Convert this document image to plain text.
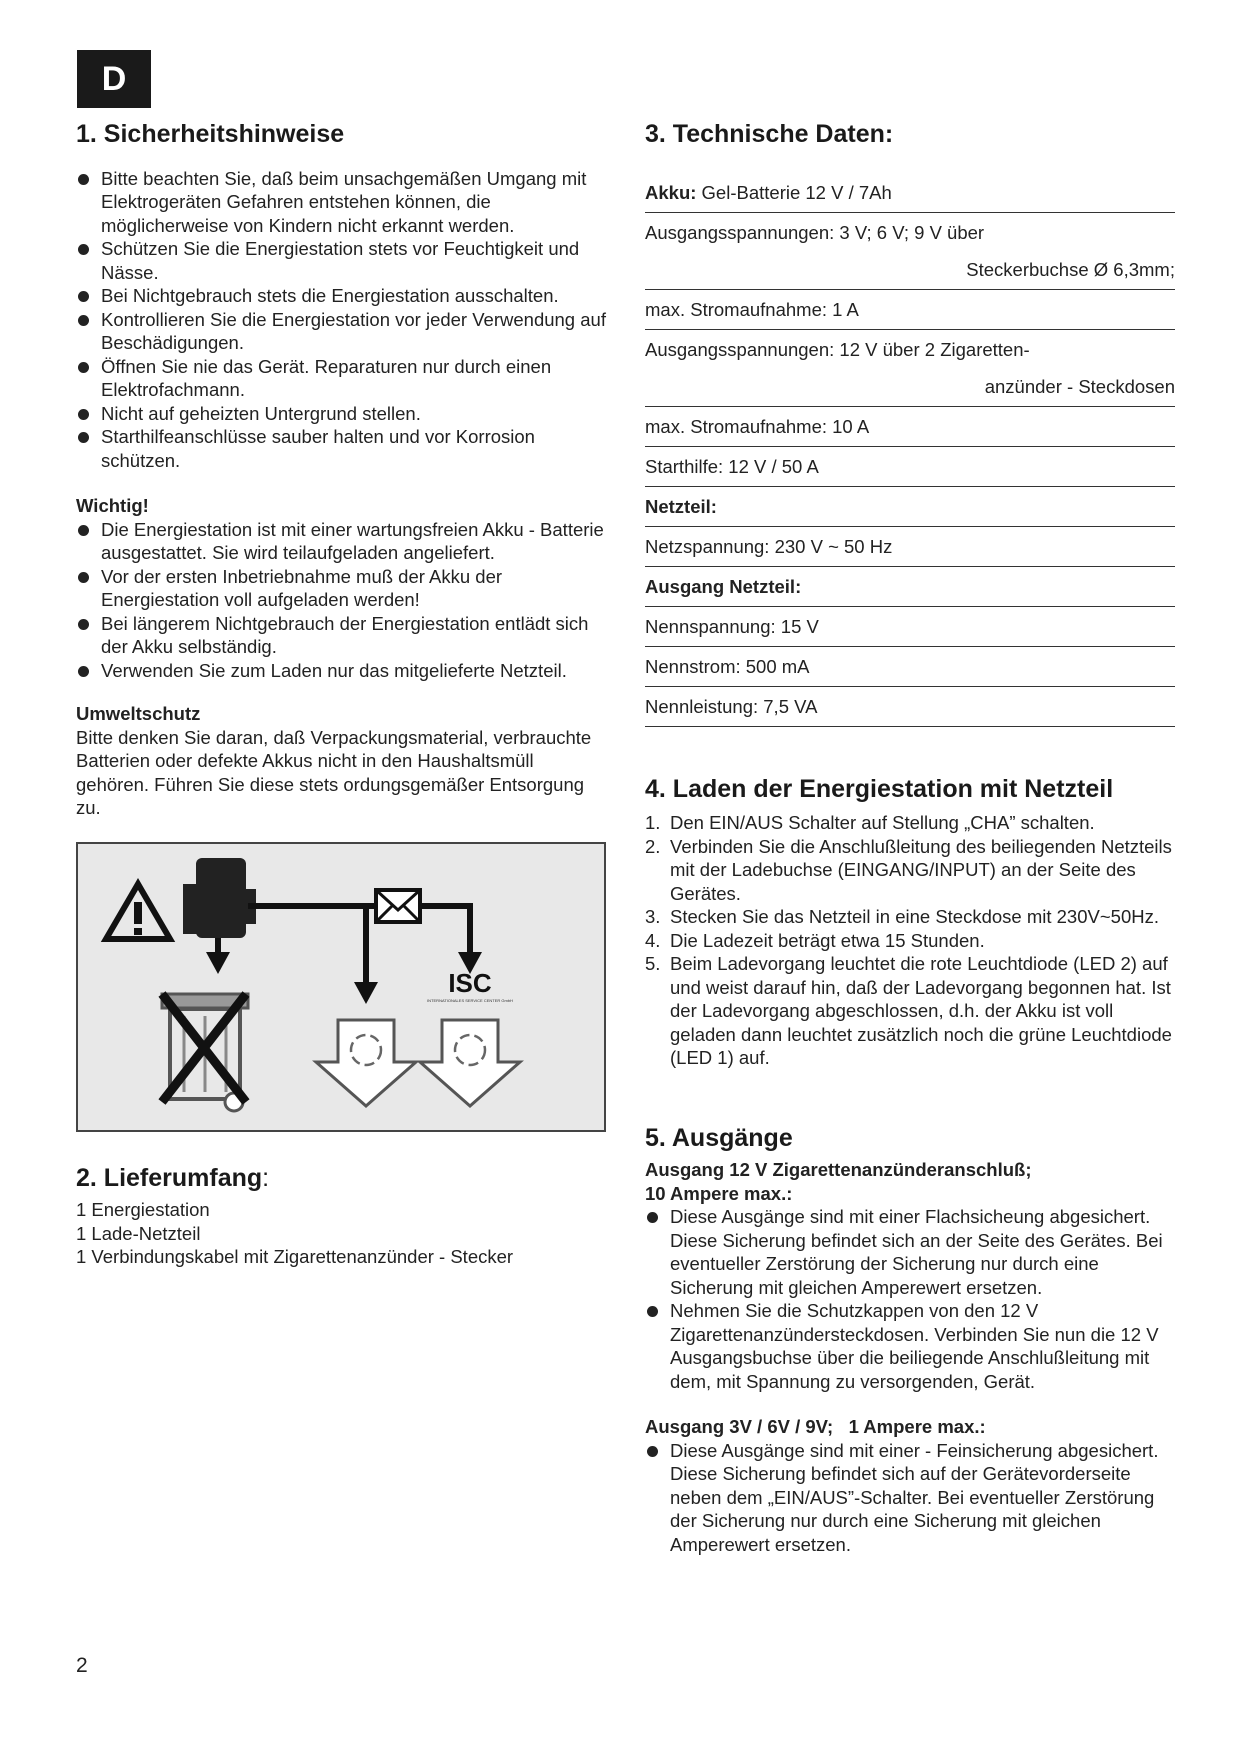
D
1. Sicherheitshinweise
Bitte beachten Sie, daß beim unsachgemäßen Umgang mit Elektrogeräten Gefahren entstehen können, die möglicherweise von Kindern nicht erkannt werden.
Schützen Sie die Energiestation stets vor Feuchtigkeit und Nässe.
Bei Nichtgebrauch stets die Energiestation ausschalten.
Kontrollieren Sie die Energiestation vor jeder Verwendung auf Beschädigungen.
Öffnen Sie nie das Gerät. Reparaturen nur durch einen Elektrofachmann.
Nicht auf geheizten Untergrund stellen.
Starthilfeanschlüsse sauber halten und vor Korrosion schützen.
Wichtig!
Die Energiestation ist mit einer wartungsfreien Akku - Batterie ausgestattet. Sie wird teilaufgeladen angeliefert.
Vor der ersten Inbetriebnahme muß der Akku der Energiestation voll aufgeladen werden!
Bei längerem Nichtgebrauch der Energiestation entlädt sich der Akku selbständig.
Verwenden Sie zum Laden nur das mitgelieferte Netzteil.
Umweltschutz
Bitte denken Sie daran, daß Verpackungsmaterial, verbrauchte Batterien oder defekte Akkus nicht in den Haushaltsmüll gehören. Führen Sie diese stets ordungsgemäßer Entsorgung zu.
ISC
INTERNATIONALES SERVICE CENTER GmbH
2. Lieferumfang:
1 Energiestation
1 Lade-Netzteil
1 Verbindungskabel mit Zigarettenanzünder - Stecker
3. Technische Daten:
Akku: Gel-Batterie 12 V / 7Ah
Ausgangsspannungen: 3 V; 6 V; 9 V über
Steckerbuchse Ø 6,3mm;
max. Stromaufnahme: 1 A
Ausgangsspannungen: 12 V über 2 Zigaretten-
anzünder - Steckdosen
max. Stromaufnahme: 10 A
Starthilfe: 12 V / 50 A
Netzteil:
Netzspannung: 230 V ~ 50 Hz
Ausgang Netzteil:
Nennspannung: 15 V
Nennstrom: 500 mA
Nennleistung: 7,5 VA
4. Laden der Energiestation mit Netzteil
1. Den EIN/AUS Schalter auf Stellung „CHA” schalten.
2. Verbinden Sie die Anschlußleitung des beiliegenden Netzteils mit der Ladebuchse (EINGANG/INPUT) an der Seite des Gerätes.
3. Stecken Sie das Netzteil in eine Steckdose mit 230V~50Hz.
4. Die Ladezeit beträgt etwa 15 Stunden.
5. Beim Ladevorgang leuchtet die rote Leuchtdiode (LED 2) auf und weist darauf hin, daß der Ladevorgang begonnen hat. Ist der Ladevorgang abgeschlossen, d.h. der Akku ist voll geladen dann leuchtet zusätzlich noch die grüne Leuchtdiode (LED 1) auf.
5. Ausgänge
Ausgang 12 V Zigarettenanzünderanschluß;
10 Ampere max.:
Diese Ausgänge sind mit einer Flachsicheung abgesichert. Diese Sicherung befindet sich an der Seite des Gerätes. Bei eventueller Zerstörung der Sicherung nur durch eine Sicherung mit gleichen Amperewert ersetzen.
Nehmen Sie die Schutzkappen von den 12 V Zigarettenanzündersteckdosen. Verbinden Sie nun die 12 V Ausgangsbuchse über die beiliegende Anschlußleitung mit dem, mit Spannung zu versorgenden, Gerät.
Ausgang 3V / 6V / 9V;   1 Ampere max.:
Diese Ausgänge sind mit einer - Feinsicherung abgesichert. Diese Sicherung befindet sich auf der Gerätevorderseite neben dem „EIN/AUS”-Schalter. Bei eventueller Zerstörung der Sicherung nur durch eine Sicherung mit gleichen Amperewert ersetzen.
2
